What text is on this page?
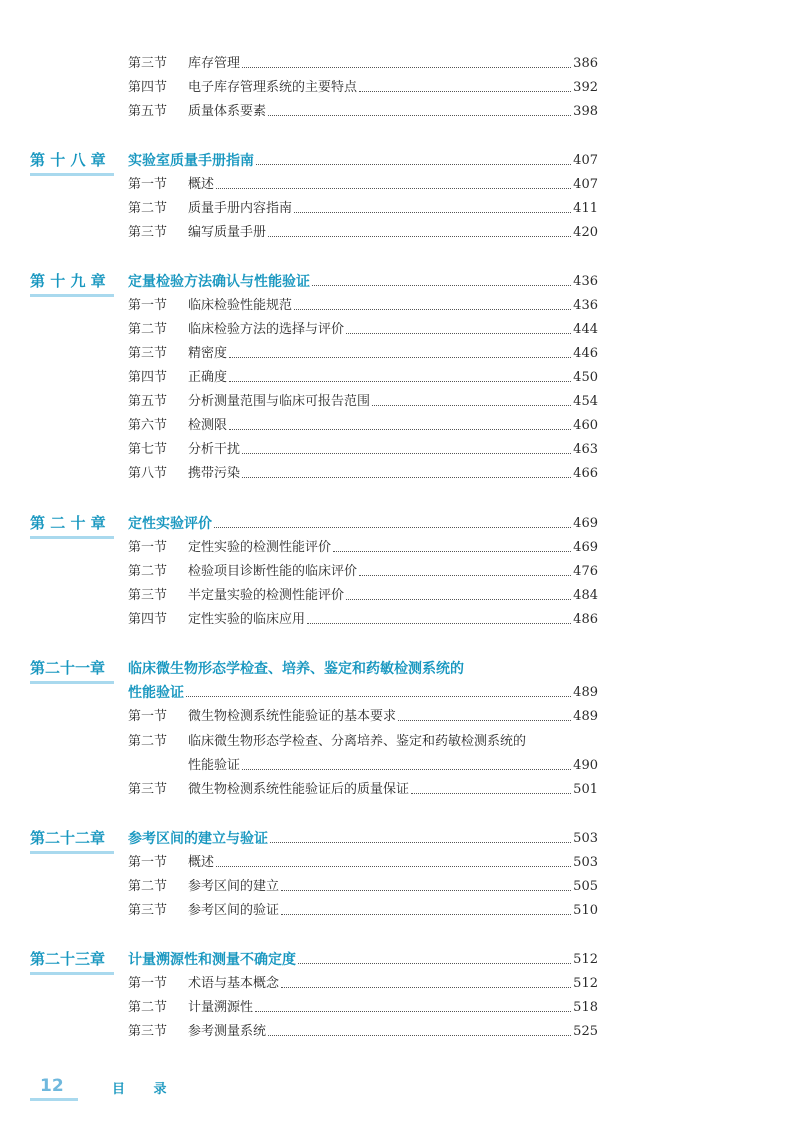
第三节	库存管理	386
第四节	电子库存管理系统的主要特点	392
第五节	质量体系要素	398
第 十 八 章 实验室质量手册指南	407
第一节	概述	407
第二节	质量手册内容指南	411
第三节	编写质量手册	420
第 十 九 章 定量检验方法确认与性能验证	436
第一节	临床检验性能规范	436
第二节	临床检验方法的选择与评价	444
第三节	精密度	446
第四节	正确度	450
第五节	分析测量范围与临床可报告范围	454
第六节	检测限	460
第七节	分析干扰	463
第八节	携带污染	466
第 二 十 章 定性实验评价	469
第一节	定性实验的检测性能评价	469
第二节	检验项目诊断性能的临床评价	476
第三节	半定量实验的检测性能评价	484
第四节	定性实验的临床应用	486
第二十一章 临床微生物形态学检查、培养、鉴定和药敏检测系统的
性能验证	489
第一节	微生物检测系统性能验证的基本要求	489
第二节	临床微生物形态学检查、分离培养、鉴定和药敏检测系统的
性能验证	490
第三节	微生物检测系统性能验证后的质量保证	501
第二十二章 参考区间的建立与验证	503
第一节	概述	503
第二节	参考区间的建立	505
第三节	参考区间的验证	510
第二十三章 计量溯源性和测量不确定度	512
第一节	术语与基本概念	512
第二节	计量溯源性	518
第三节	参考测量系统	525
12	目 录
